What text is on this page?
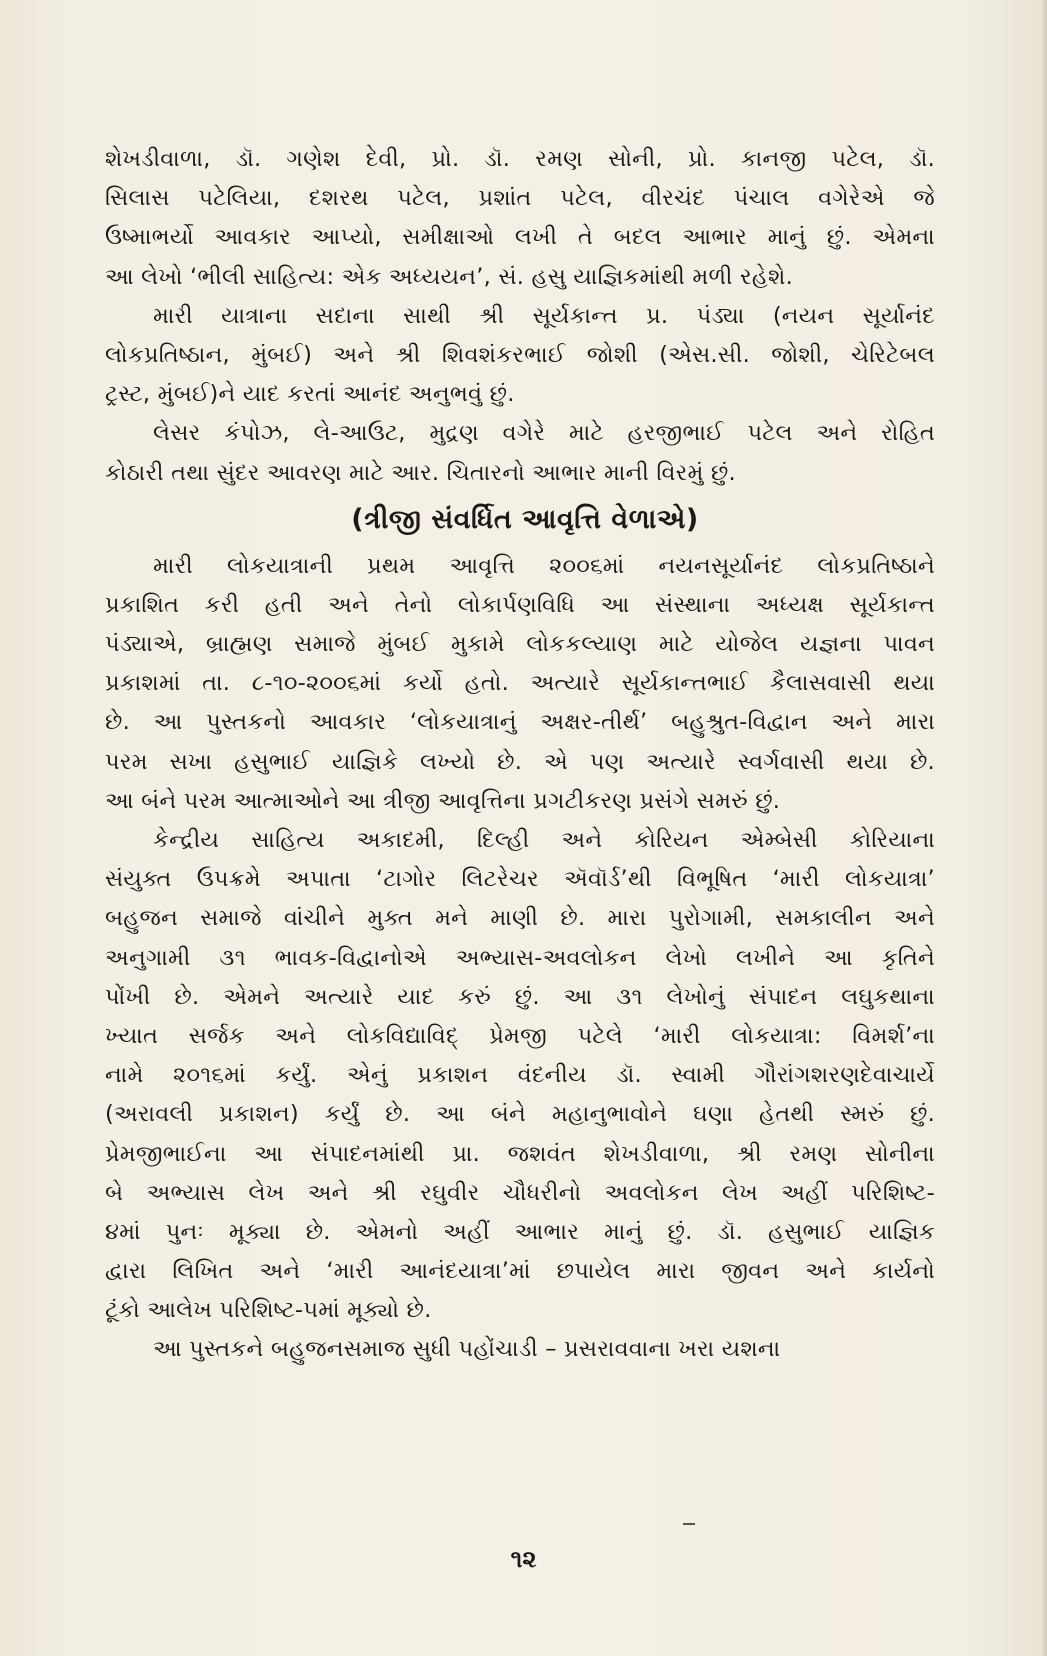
શેખડીવાળા, ડૉ. ગણેશ દેવી, પ્રો. ડૉ. રમણ સોની, પ્રો. કાનજી પટેલ, ડૉ.
સિલાસ પટેલિયા, દશરથ પટેલ, પ્રશાંત પટેલ, વીરચંદ પંચાલ વગેરેએ જે
ઉષ્માભર્યો આવકાર આપ્યો, સમીક્ષાઓ લખી તે બદલ આભાર માનું છું. એમના
આ લેખો ‘ભીલી સાહિત્ય: એક અધ્યયન’, સં. હસુ યાજ્ઞિકમાંથી મળી રહેશે.
મારી યાત્રાના સદાના સાથી શ્રી સૂર્યકાન્ત પ્ર. પંડ્યા (નયન સૂર્યાનંદ
લોકપ્રતિષ્ઠાન, મુંબઈ) અને શ્રી શિવશંકરભાઈ જોશી (એસ.સી. જોશી, ચેરિટેબલ
ટ્રસ્ટ, મુંબઈ)ને યાદ કરતાં આનંદ અનુભવું છું.
લેસર કંપોઝ, લે-આઉટ, મુદ્રણ વગેરે માટે હરજીભાઈ પટેલ અને રોહિત
કોઠારી તથા સુંદર આવરણ માટે આર. ચિતારનો આભાર માની વિરમું છું.
(ત્રીજી સંવર્ધિત આવૃત્તિ વેળાએ)
મારી લોકયાત્રાની પ્રથમ આવૃત્તિ ૨૦૦૬માં નયનસૂર્યાનંદ લોકપ્રતિષ્ઠાને
પ્રકાશિત કરી હતી અને તેનો લોકાર્પણવિધિ આ સંસ્થાના અધ્યક્ષ સૂર્યકાન્ત
પંડ્યાએ, બ્રાહ્મણ સમાજે મુંબઈ મુકામે લોકકલ્યાણ માટે યોજેલ યજ્ઞના પાવન
પ્રકાશમાં તા. ૮-૧૦-૨૦૦૬માં કર્યો હતો. અત્યારે સૂર્યકાન્તભાઈ કૈલાસવાસી થયા
છે. આ પુસ્તકનો આવકાર ‘લોકયાત્રાનું અક્ષર-તીર્થ’ બહુશ્રુત-વિદ્વાન અને મારા
પરમ સખા હસુભાઈ યાજ્ઞિકે લખ્યો છે. એ પણ અત્યારે સ્વર્ગવાસી થયા છે.
આ બંને પરમ આત્માઓને આ ત્રીજી આવૃત્તિના પ્રગટીકરણ પ્રસંગે સમરું છું.
કેન્દ્રીય સાહિત્ય અકાદમી, દિલ્હી અને કોરિયન એમ્બેસી કોરિયાના
સંયુક્ત ઉપક્રમે અપાતા ‘ટાગોર લિટરેચર ઍવૉર્ડ’થી વિભૂષિત ‘મારી લોકયાત્રા’
બહુજન સમાજે વાંચીને મુક્ત મને માણી છે. મારા પુરોગામી, સમકાલીન અને
અનુગામી ૩૧ ભાવક-વિદ્વાનોએ અભ્યાસ-અવલોકન લેખો લખીને આ કૃતિને
પોંખી છે. એમને અત્યારે યાદ કરું છું. આ ૩૧ લેખોનું સંપાદન લઘુકથાના
ખ્યાત સર્જક અને લોકવિદ્યાવિદ્ પ્રેમજી પટેલે ‘મારી લોકયાત્રા: વિમર્શ’ના
નામે ૨૦૧૬માં કર્યું. એનું પ્રકાશન વંદનીય ડૉ. સ્વામી ગૌરાંગશરણદેવાચાર્યે
(અરાવલી પ્રકાશન) કર્યું છે. આ બંને મહાનુભાવોને ઘણા હેતથી સ્મરું છું.
પ્રેમજીભાઈના આ સંપાદનમાંથી પ્રા. જશવંત શેખડીવાળા, શ્રી રમણ સોનીના
બે અભ્યાસ લેખ અને શ્રી રઘુવીર ચૌધરીનો અવલોકન લેખ અહીં પરિશિષ્ટ-
૪માં પુનઃ મૂક્યા છે. એમનો અહીં આભાર માનું છું. ડૉ. હસુભાઈ યાજ્ઞિક
દ્વારા લિખિત અને ‘મારી આનંદયાત્રા’માં છપાયેલ મારા જીવન અને કાર્યનો
ટૂંકો આલેખ પરિશિષ્ટ-૫માં મૂક્યો છે.
આ પુસ્તકને બહુજનસમાજ સુધી પહોંચાડી – પ્રસરાવવાના ખરા યશના
૧૨
